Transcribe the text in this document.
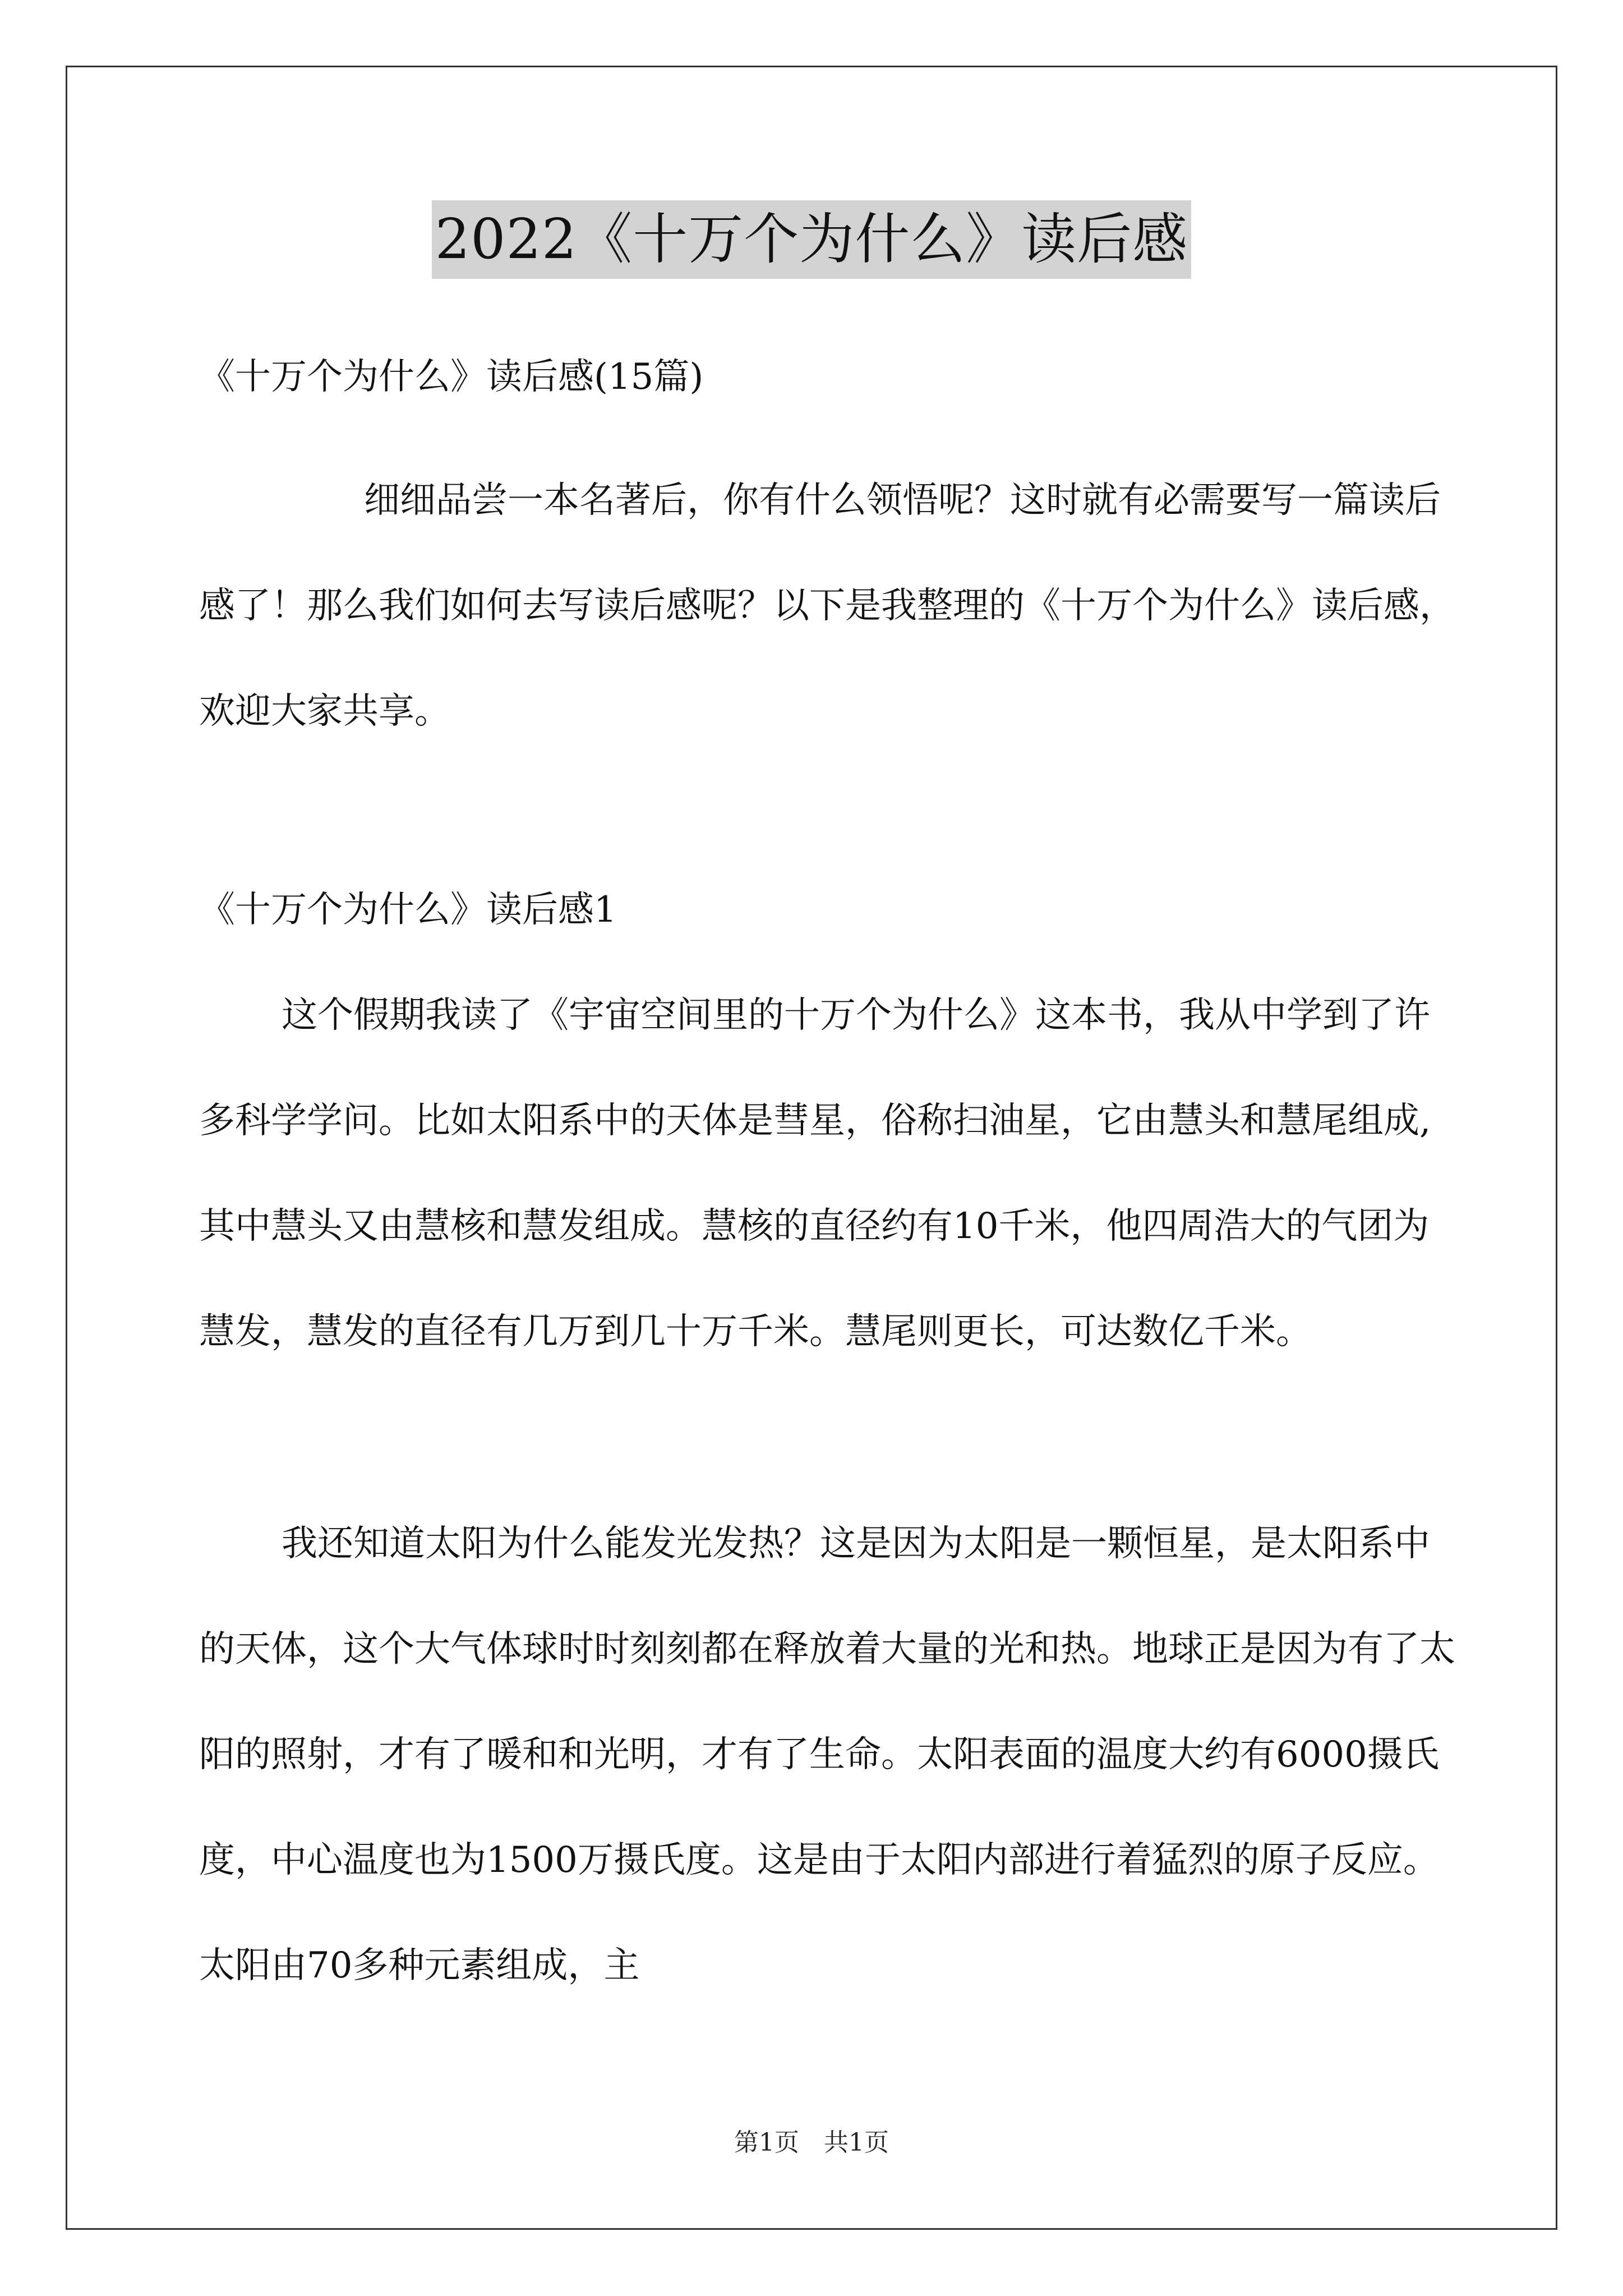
2022《十万个为什么》读后感

《十万个为什么》读后感(15篇)

细细品尝一本名著后，你有什么领悟呢？这时就有必需要写一篇读后感了！那么我们如何去写读后感呢？以下是我整理的《十万个为什么》读后感，欢迎大家共享。

《十万个为什么》读后感1

这个假期我读了《宇宙空间里的十万个为什么》这本书，我从中学到了许多科学学问。比如太阳系中的天体是彗星，俗称扫油星，它由慧头和慧尾组成,其中慧头又由慧核和慧发组成。慧核的直径约有10千米，他四周浩大的气团为慧发，慧发的直径有几万到几十万千米。慧尾则更长，可达数亿千米。

我还知道太阳为什么能发光发热？这是因为太阳是一颗恒星，是太阳系中的天体，这个大气体球时时刻刻都在释放着大量的光和热。地球正是因为有了太阳的照射，才有了暖和和光明，才有了生命。太阳表面的温度大约有6000摄氏度，中心温度也为1500万摄氏度。这是由于太阳内部进行着猛烈的原子反应。太阳由70多种元素组成，主

第1页 共1页
